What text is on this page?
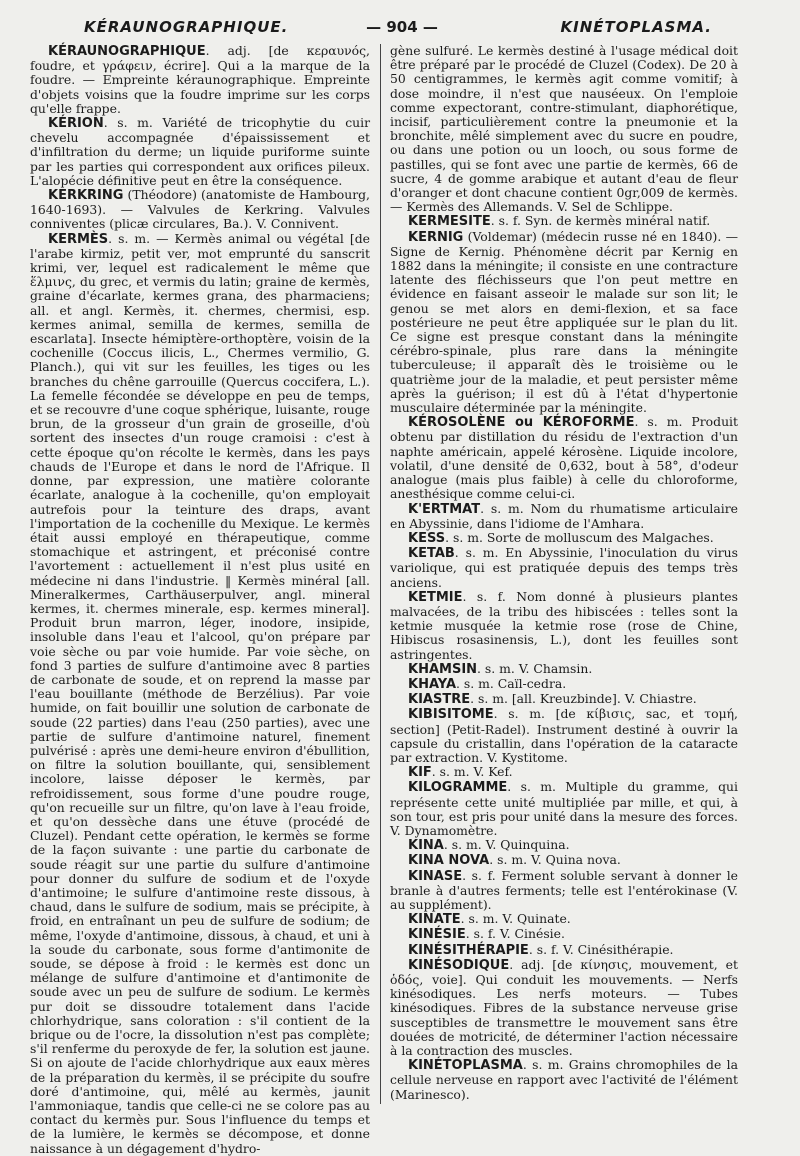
KÉRAUNOGRAPHIQUE.	— 904 —	KINÉTOPLASMA.

KÉRAUNOGRAPHIQUE. adj. [de κεραυνός, foudre, et γράφειν, écrire]. Qui a la marque de la foudre. — Empreinte kéraunographique. Empreinte d'objets voisins que la foudre imprime sur les corps qu'elle frappe.

KÉRION. s. m. Variété de tricophytie du cuir chevelu accompagnée d'épaississement et d'infiltration du derme; un liquide puriforme suinte par les parties qui correspondent aux orifices pileux. L'alopécie définitive peut en être la conséquence.

KERKRING (Théodore) (anatomiste de Hambourg, 1640-1693). — Valvules de Kerkring. Valvules conniventes (plicæ circulares, Ba.). V. Connivent.

KERMÈS. s. m. — Kermès animal ou végétal [de l'arabe kirmiz, petit ver, mot emprunté du sanscrit krimi, ver, lequel est radicalement le même que ἕλμινς, du grec, et vermis du latin; graine de kermès, graine d'écarlate, kermes grana, des pharmaciens; all. et angl. Kermès, it. chermes, chermisi, esp. kermes animal, semilla de kermes, semilla de escarlata]. Insecte hémiptère-orthoptère, voisin de la cochenille (Coccus ilicis, L., Chermes vermilio, G. Planch.), qui vit sur les feuilles, les tiges ou les branches du chêne garrouille (Quercus coccifera, L.). La femelle fécondée se développe en peu de temps, et se recouvre d'une coque sphérique, luisante, rouge brun, de la grosseur d'un grain de groseille, d'où sortent des insectes d'un rouge cramoisi : c'est à cette époque qu'on récolte le kermès, dans les pays chauds de l'Europe et dans le nord de l'Afrique. Il donne, par expression, une matière colorante écarlate, analogue à la cochenille, qu'on employait autrefois pour la teinture des draps, avant l'importation de la cochenille du Mexique. Le kermès était aussi employé en thérapeutique, comme stomachique et astringent, et préconisé contre l'avortement : actuellement il n'est plus usité en médecine ni dans l'industrie. ‖ Kermès minéral [all. Mineralkermes, Carthäuserpulver, angl. mineral kermes, it. chermes minerale, esp. kermes mineral]. Produit brun marron, léger, inodore, insipide, insoluble dans l'eau et l'alcool, qu'on prépare par voie sèche ou par voie humide. Par voie sèche, on fond 3 parties de sulfure d'antimoine avec 8 parties de carbonate de soude, et on reprend la masse par l'eau bouillante (méthode de Berzélius). Par voie humide, on fait bouillir une solution de carbonate de soude (22 parties) dans l'eau (250 parties), avec une partie de sulfure d'antimoine naturel, finement pulvérisé : après une demi-heure environ d'ébullition, on filtre la solution bouillante, qui, sensiblement incolore, laisse déposer le kermès, par refroidissement, sous forme d'une poudre rouge, qu'on recueille sur un filtre, qu'on lave à l'eau froide, et qu'on dessèche dans une étuve (procédé de Cluzel). Pendant cette opération, le kermès se forme de la façon suivante : une partie du carbonate de soude réagit sur une partie du sulfure d'antimoine pour donner du sulfure de sodium et de l'oxyde d'antimoine; le sulfure d'antimoine reste dissous, à chaud, dans le sulfure de sodium, mais se précipite, à froid, en entraînant un peu de sulfure de sodium; de même, l'oxyde d'antimoine, dissous, à chaud, et uni à la soude du carbonate, sous forme d'antimonite de soude, se dépose à froid : le kermès est donc un mélange de sulfure d'antimoine et d'antimonite de soude avec un peu de sulfure de sodium. Le kermès pur doit se dissoudre totalement dans l'acide chlorhydrique, sans coloration : s'il contient de la brique ou de l'ocre, la dissolution n'est pas complète; s'il renferme du peroxyde de fer, la solution est jaune. Si on ajoute de l'acide chlorhydrique aux eaux mères de la préparation du kermès, il se précipite du soufre doré d'antimoine, qui, mêlé au kermès, jaunit l'ammoniaque, tandis que celle-ci ne se colore pas au contact du kermès pur. Sous l'influence du temps et de la lumière, le kermès se décompose, et donne naissance à un dégagement d'hydro-

gène sulfuré. Le kermès destiné à l'usage médical doit être préparé par le procédé de Cluzel (Codex). De 20 à 50 centigrammes, le kermès agit comme vomitif; à dose moindre, il n'est que nauséeux. On l'emploie comme expectorant, contre-stimulant, diaphorétique, incisif, particulièrement contre la pneumonie et la bronchite, mêlé simplement avec du sucre en poudre, ou dans une potion ou un looch, ou sous forme de pastilles, qui se font avec une partie de kermès, 66 de sucre, 4 de gomme arabique et autant d'eau de fleur d'oranger et dont chacune contient 0gr,009 de kermès. — Kermès des Allemands. V. Sel de Schlippe.

KERMESITE. s. f. Syn. de kermès minéral natif.

KERNIG (Voldemar) (médecin russe né en 1840). — Signe de Kernig. Phénomène décrit par Kernig en 1882 dans la méningite; il consiste en une contracture latente des fléchisseurs que l'on peut mettre en évidence en faisant asseoir le malade sur son lit; le genou se met alors en demi-flexion, et sa face postérieure ne peut être appliquée sur le plan du lit. Ce signe est presque constant dans la méningite cérébro-spinale, plus rare dans la méningite tuberculeuse; il apparaît dès le troisième ou le quatrième jour de la maladie, et peut persister même après la guérison; il est dû à l'état d'hypertonie musculaire déterminée par la méningite.

KÉROSOLÈNE ou KÉROFORME. s. m. Produit obtenu par distillation du résidu de l'extraction d'un naphte américain, appelé kérosène. Liquide incolore, volatil, d'une densité de 0,632, bout à 58°, d'odeur analogue (mais plus faible) à celle du chloroforme, anesthésique comme celui-ci.

K'ERTMAT. s. m. Nom du rhumatisme articulaire en Abyssinie, dans l'idiome de l'Amhara.

KESS. s. m. Sorte de molluscum des Malgaches.

KETAB. s. m. En Abyssinie, l'inoculation du virus variolique, qui est pratiquée depuis des temps très anciens.

KETMIE. s. f. Nom donné à plusieurs plantes malvacées, de la tribu des hibiscées : telles sont la ketmie musquée la ketmie rose (rose de Chine, Hibiscus rosasinensis, L.), dont les feuilles sont astringentes.

KHAMSIN. s. m. V. Chamsin.

KHAYA. s. m. Caïl-cedra.

KIASTRE. s. m. [all. Kreuzbinde]. V. Chiastre.

KIBISITOME. s. m. [de κίβισις, sac, et τομή, section] (Petit-Radel). Instrument destiné à ouvrir la capsule du cristallin, dans l'opération de la cataracte par extraction. V. Kystitome.

KIF. s. m. V. Kef.

KILOGRAMME. s. m. Multiple du gramme, qui représente cette unité multipliée par mille, et qui, à son tour, est pris pour unité dans la mesure des forces. V. Dynamomètre.

KINA. s. m. V. Quinquina.

KINA NOVA. s. m. V. Quina nova.

KINASE. s. f. Ferment soluble servant à donner le branle à d'autres ferments; telle est l'entérokinase (V. au supplément).

KINATE. s. m. V. Quinate.

KINÉSIE. s. f. V. Cinésie.

KINÉSITHÉRAPIE. s. f. V. Cinésithérapie.

KINÉSODIQUE. adj. [de κίνησις, mouvement, et ὁδός, voie]. Qui conduit les mouvements. — Nerfs kinésodiques. Les nerfs moteurs. — Tubes kinésodiques. Fibres de la substance nerveuse grise susceptibles de transmettre le mouvement sans être douées de motricité, de déterminer l'action nécessaire à la contraction des muscles.

KINÉTOPLASMA. s. m. Grains chromophiles de la cellule nerveuse en rapport avec l'activité de l'élément (Marinesco).
